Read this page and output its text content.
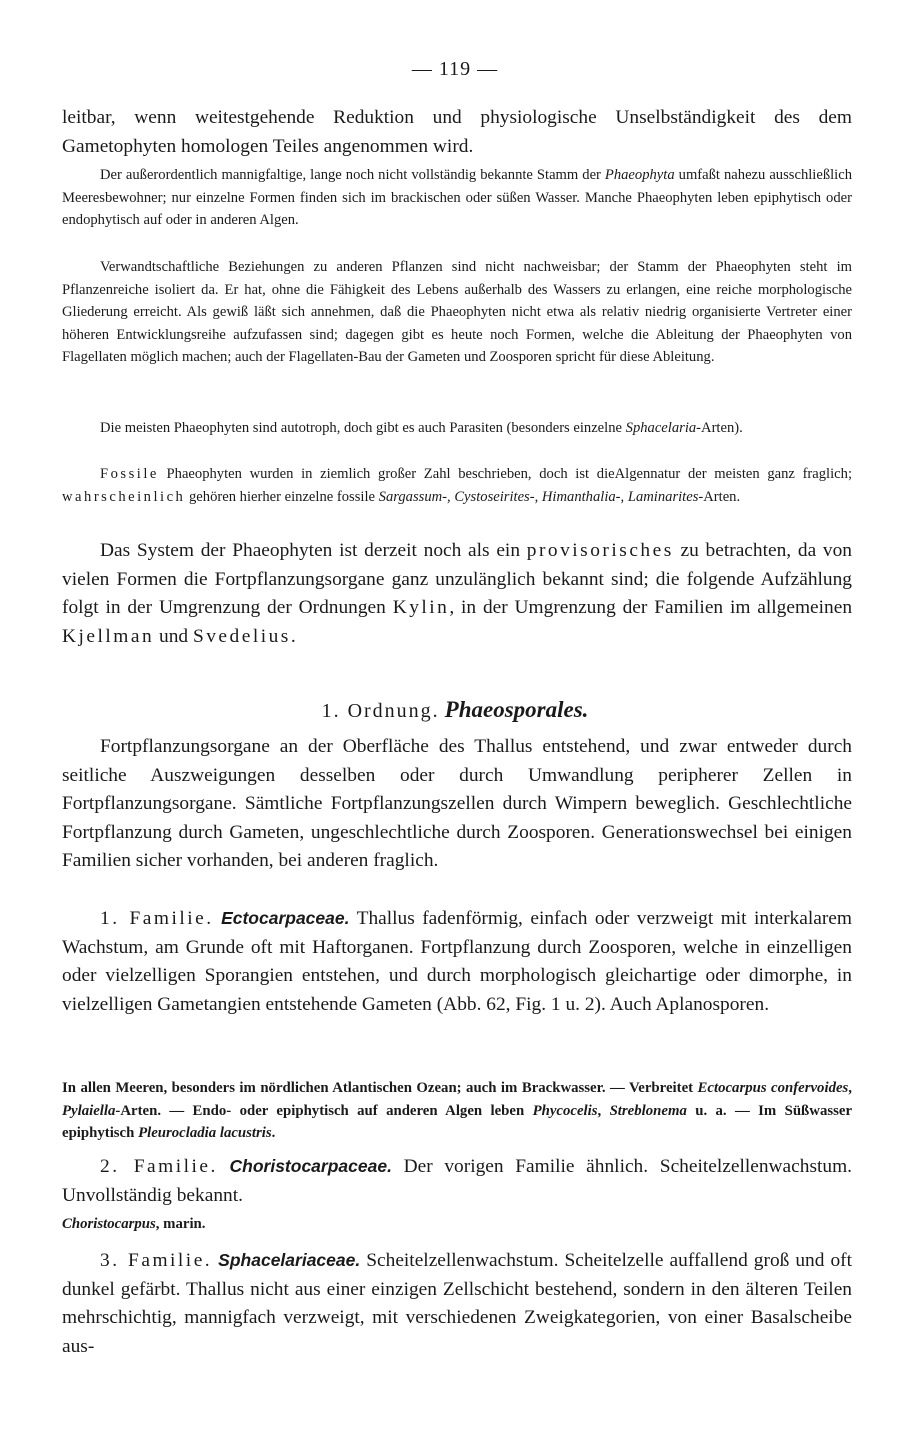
— 119 —

leitbar, wenn weitestgehende Reduktion und physiologische Unselbständigkeit des dem Gametophyten homologen Teiles angenommen wird.

Der außerordentlich mannigfaltige, lange noch nicht vollständig bekannte Stamm der Phaeophyta umfaßt nahezu ausschließlich Meeresbewohner; nur einzelne Formen finden sich im brackischen oder süßen Wasser. Manche Phaeophyten leben epiphytisch oder endophytisch auf oder in anderen Algen.

Verwandtschaftliche Beziehungen zu anderen Pflanzen sind nicht nachweisbar; der Stamm der Phaeophyten steht im Pflanzenreiche isoliert da. Er hat, ohne die Fähigkeit des Lebens außerhalb des Wassers zu erlangen, eine reiche morphologische Gliederung erreicht. Als gewiß läßt sich annehmen, daß die Phaeophyten nicht etwa als relativ niedrig organisierte Vertreter einer höheren Entwicklungsreihe aufzufassen sind; dagegen gibt es heute noch Formen, welche die Ableitung der Phaeophyten von Flagellaten möglich machen; auch der Flagellaten-Bau der Gameten und Zoosporen spricht für diese Ableitung.

Die meisten Phaeophyten sind autotroph, doch gibt es auch Parasiten (besonders einzelne Sphacelaria-Arten).

Fossile Phaeophyten wurden in ziemlich großer Zahl beschrieben, doch ist dieAlgennatur der meisten ganz fraglich; wahrscheinlich gehören hierher einzelne fossile Sargassum-, Cystoseirites-, Himanthalia-, Laminarites-Arten.

Das System der Phaeophyten ist derzeit noch als ein provisorisches zu betrachten, da von vielen Formen die Fortpflanzungsorgane ganz unzulänglich bekannt sind; die folgende Aufzählung folgt in der Umgrenzung der Ordnungen Kylin, in der Umgrenzung der Familien im allgemeinen Kjellman und Svedelius.

1. Ordnung. Phaeosporales.

Fortpflanzungsorgane an der Oberfläche des Thallus entstehend, und zwar entweder durch seitliche Auszweigungen desselben oder durch Umwandlung peripherer Zellen in Fortpflanzungsorgane. Sämtliche Fortpflanzungszellen durch Wimpern beweglich. Geschlechtliche Fortpflanzung durch Gameten, ungeschlechtliche durch Zoosporen. Generationswechsel bei einigen Familien sicher vorhanden, bei anderen fraglich.

1. Familie. Ectocarpaceae. Thallus fadenförmig, einfach oder verzweigt mit interkalarem Wachstum, am Grunde oft mit Haftorganen. Fortpflanzung durch Zoosporen, welche in einzelligen oder vielzelligen Sporangien entstehen, und durch morphologisch gleichartige oder dimorphe, in vielzelligen Gametangien entstehende Gameten (Abb. 62, Fig. 1 u. 2). Auch Aplanosporen.

In allen Meeren, besonders im nördlichen Atlantischen Ozean; auch im Brackwasser. — Verbreitet Ectocarpus confervoides, Pylaiella-Arten. — Endo- oder epiphytisch auf anderen Algen leben Phycocelis, Streblonema u. a. — Im Süßwasser epiphytisch Pleurocladia lacustris.

2. Familie. Choristocarpaceae. Der vorigen Familie ähnlich. Scheitelzellenwachstum. Unvollständig bekannt.

Choristocarpus, marin.

3. Familie. Sphacelariaceae. Scheitelzellenwachstum. Scheitelzelle auffallend groß und oft dunkel gefärbt. Thallus nicht aus einer einzigen Zellschicht bestehend, sondern in den älteren Teilen mehrschichtig, mannigfach verzweigt, mit verschiedenen Zweigkategorien, von einer Basalscheibe aus-
